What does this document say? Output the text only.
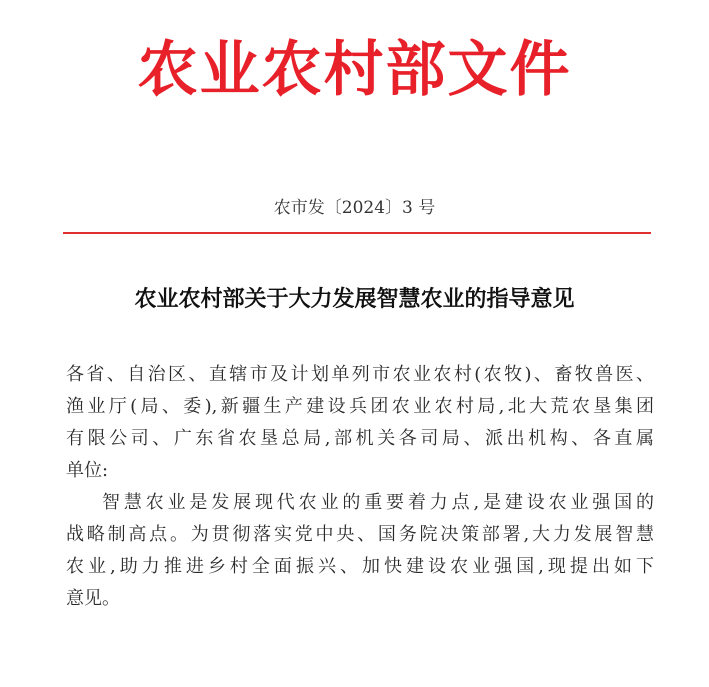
农业农村部文件
农市发〔2024〕3 号
农业农村部关于大力发展智慧农业的指导意见
各省、自治区、直辖市及计划单列市农业农村(农牧)、畜牧兽医、
渔业厅(局、委),新疆生产建设兵团农业农村局,北大荒农垦集团
有限公司、广东省农垦总局,部机关各司局、派出机构、各直属
单位:
智慧农业是发展现代农业的重要着力点,是建设农业强国的
战略制高点。为贯彻落实党中央、国务院决策部署,大力发展智慧
农业,助力推进乡村全面振兴、加快建设农业强国,现提出如下
意见。
